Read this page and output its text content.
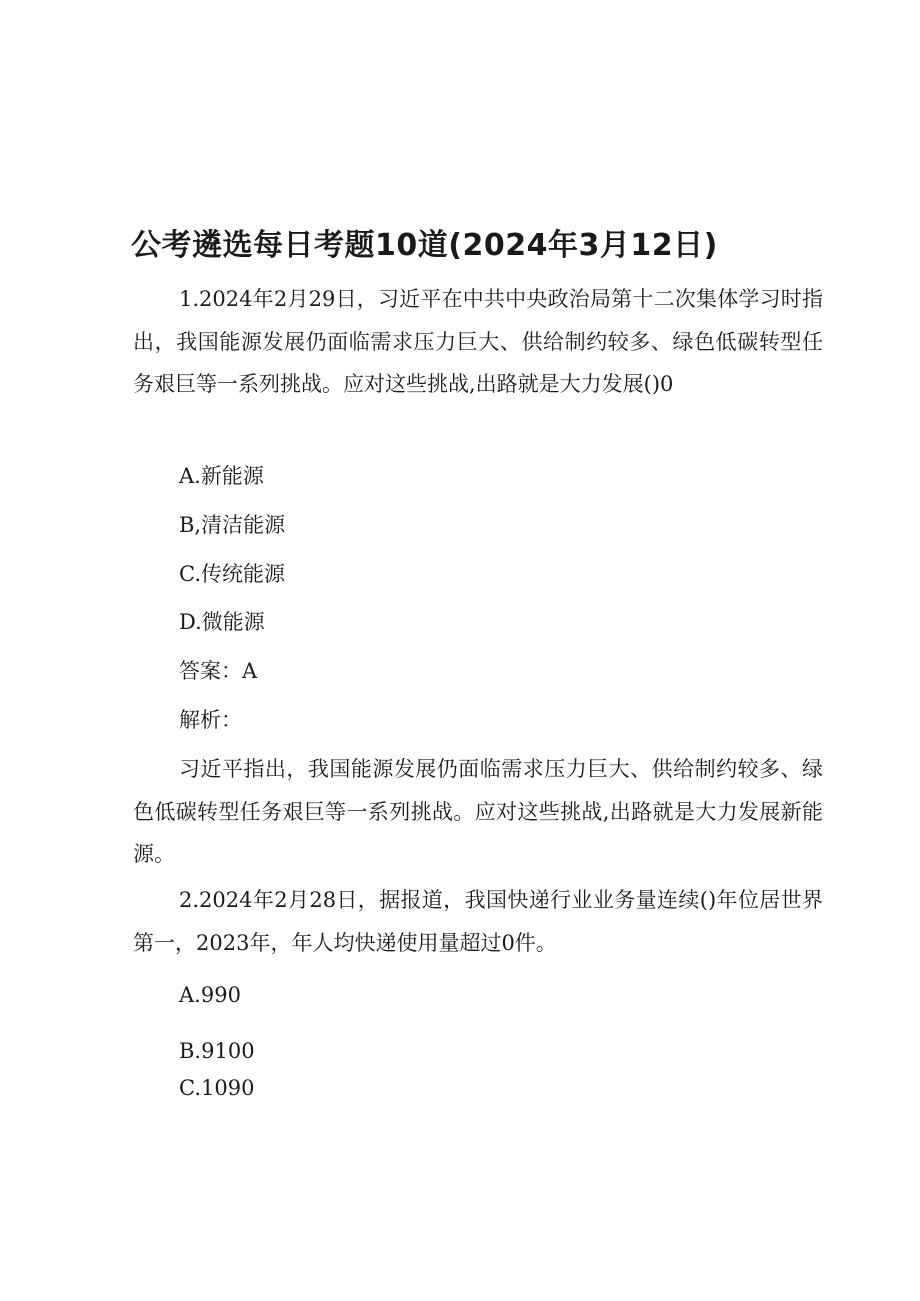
公考遴选每日考题10道(2024年3月12日)
1.2024年2月29日，习近平在中共中央政治局第十二次集体学习时指出，我国能源发展仍面临需求压力巨大、供给制约较多、绿色低碳转型任务艰巨等一系列挑战。应对这些挑战,出路就是大力发展()0
A.新能源
B,清洁能源
C.传统能源
D.微能源
答案：A
解析：
习近平指出，我国能源发展仍面临需求压力巨大、供给制约较多、绿色低碳转型任务艰巨等一系列挑战。应对这些挑战,出路就是大力发展新能源。
2.2024年2月28日，据报道，我国快递行业业务量连续()年位居世界第一，2023年，年人均快递使用量超过0件。
A.990
B.9100
C.1090
